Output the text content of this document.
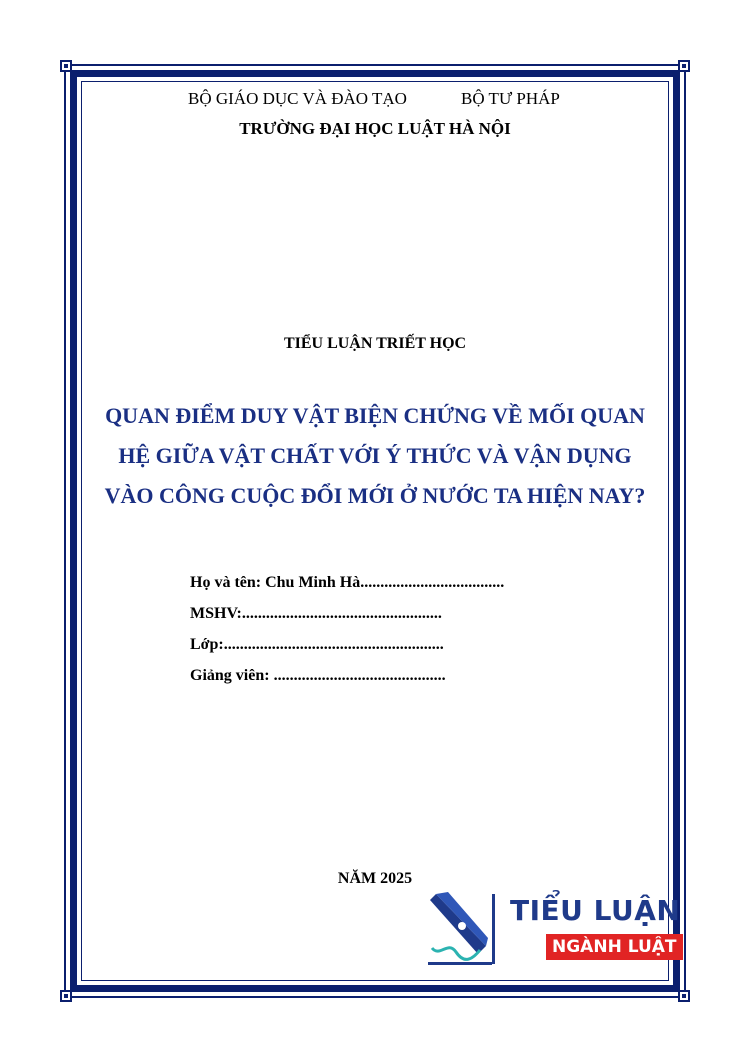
BỘ GIÁO DỤC VÀ ĐÀO TẠO	BỘ TƯ PHÁP
TRƯỜNG ĐẠI HỌC LUẬT HÀ NỘI
TIỂU LUẬN TRIẾT HỌC
QUAN ĐIỂM DUY VẬT BIỆN CHỨNG VỀ MỐI QUAN
HỆ GIỮA VẬT CHẤT VỚI Ý THỨC VÀ VẬN DỤNG
VÀO CÔNG CUỘC ĐỔI MỚI Ở NƯỚC TA HIỆN NAY?
Họ và tên: Chu Minh Hà....................................
MSHV:..................................................
Lớp:.......................................................
Giảng viên: ...........................................
NĂM 2025
TIỂU LUẬN
NGÀNH LUẬT
